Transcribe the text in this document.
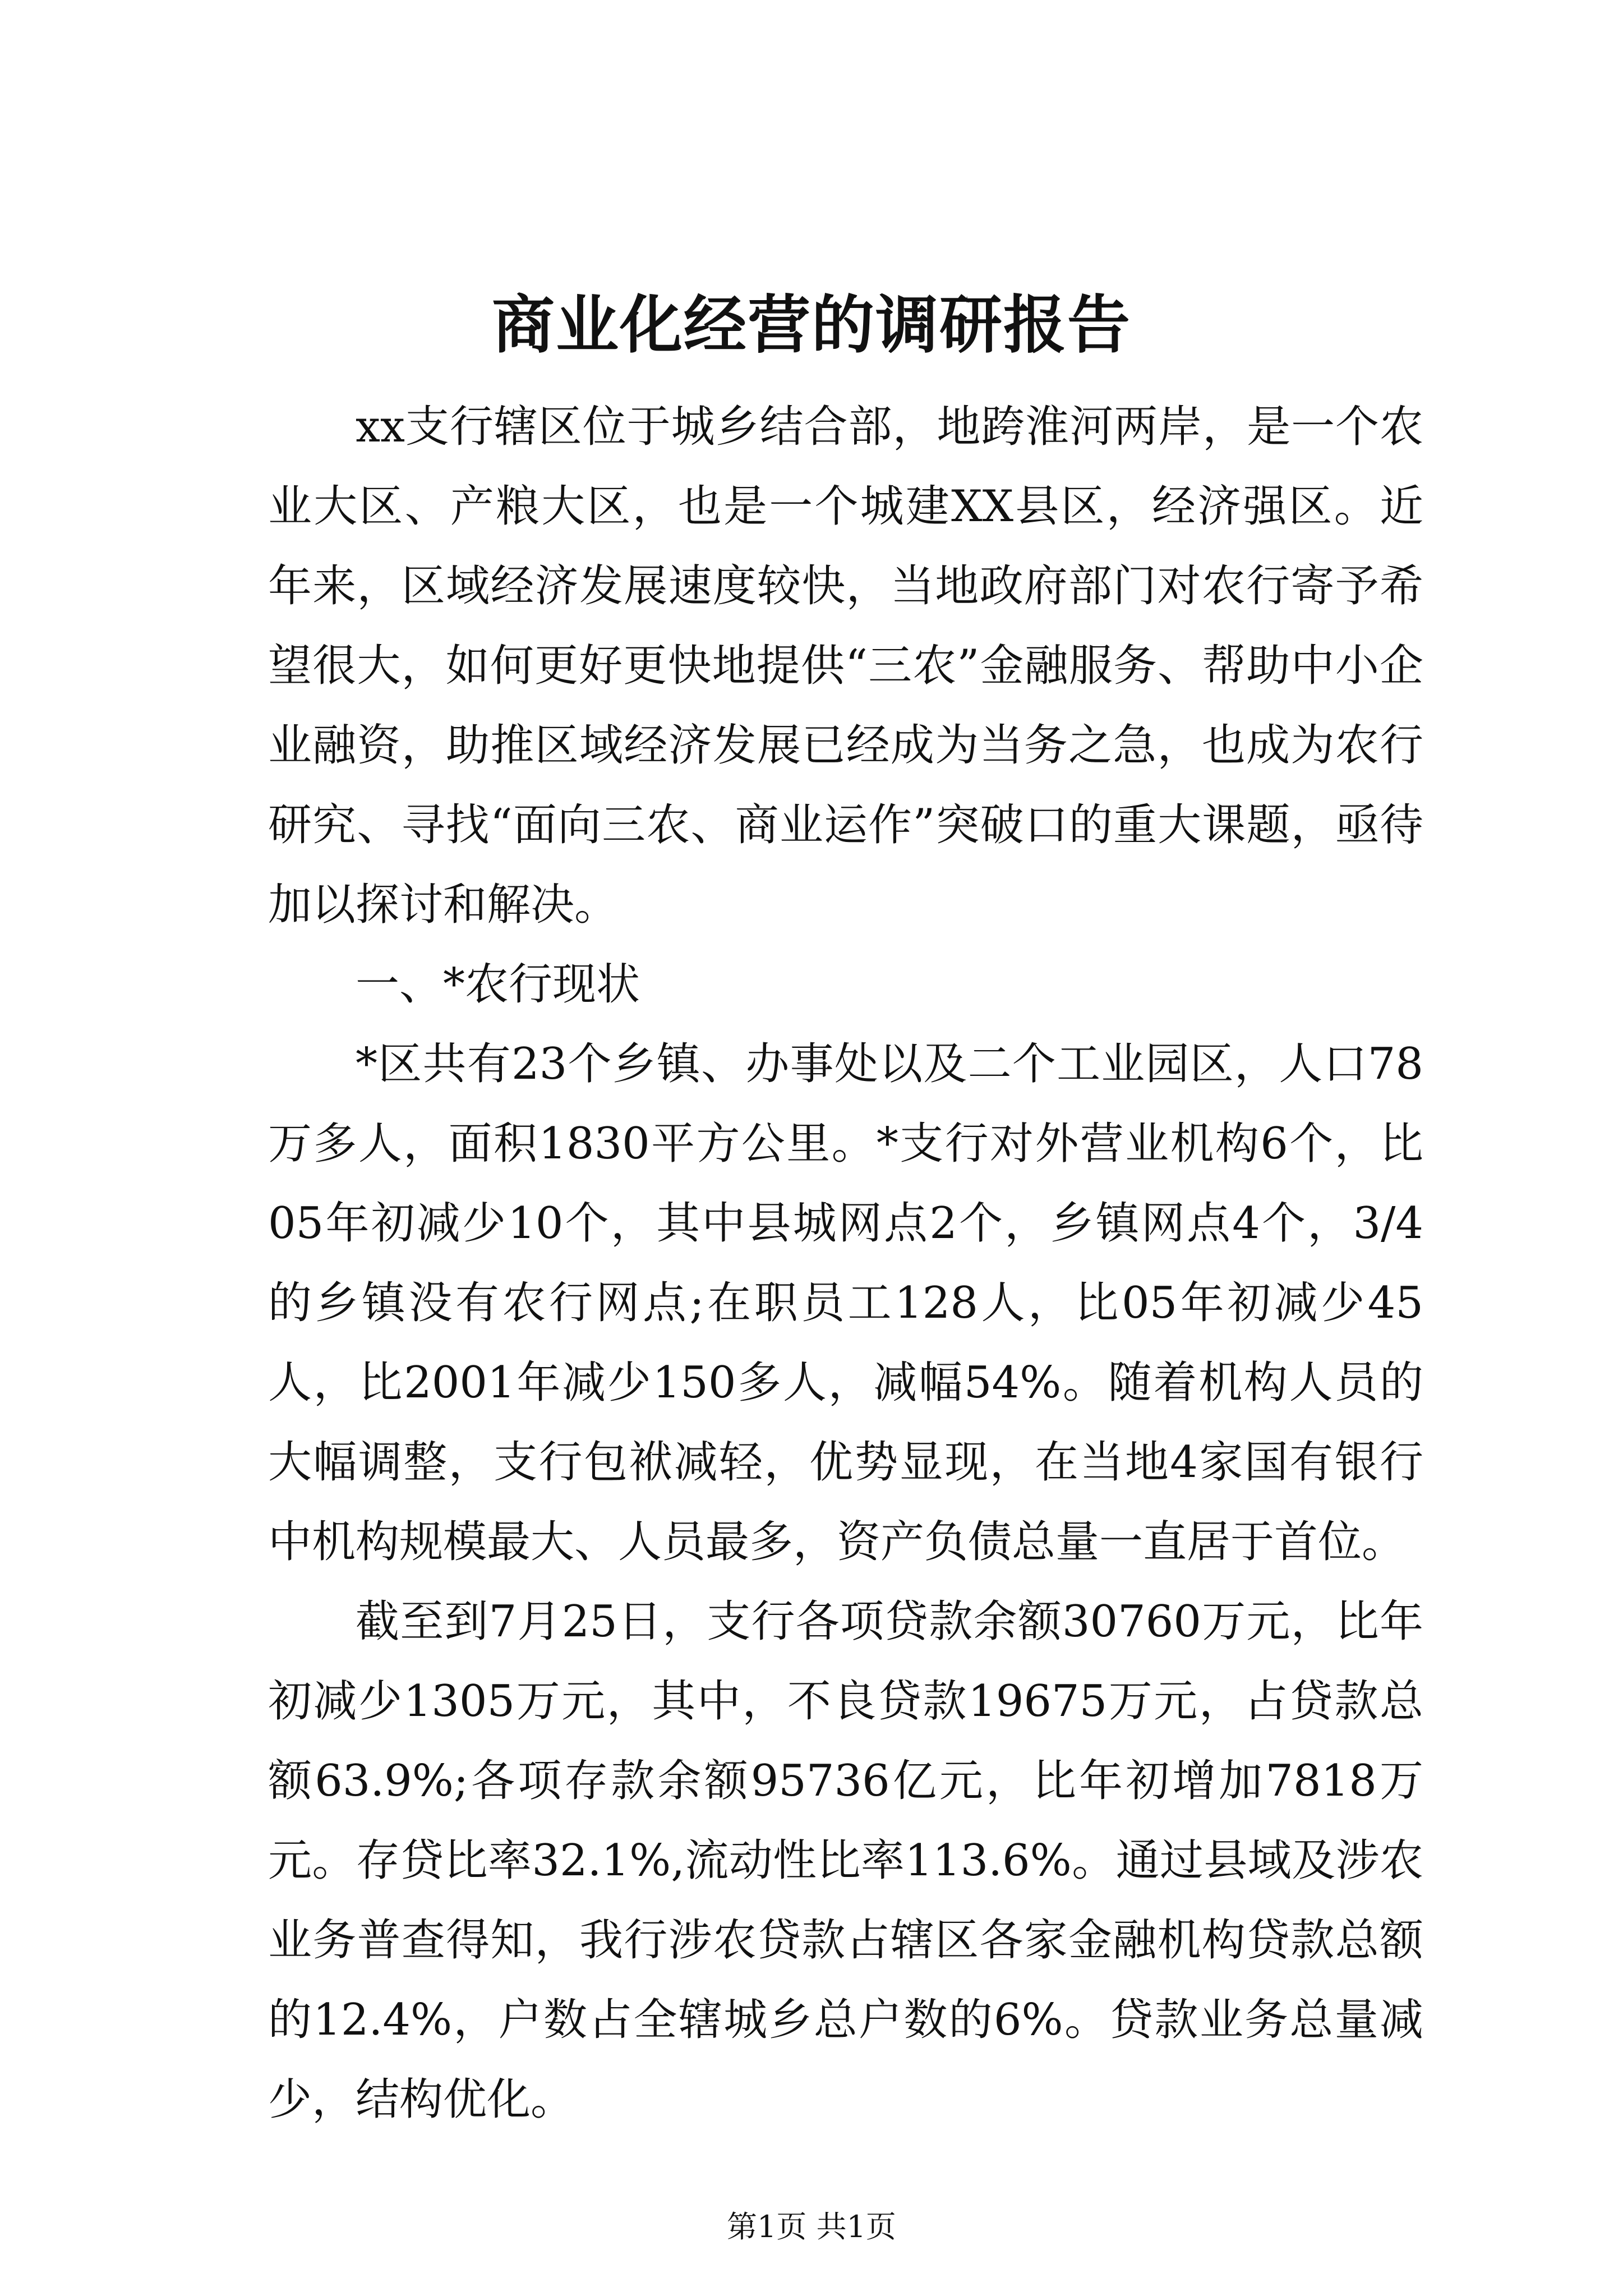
商业化经营的调研报告

xx支行辖区位于城乡结合部，地跨淮河两岸，是一个农业大区、产粮大区，也是一个城建XX县区，经济强区。近年来，区域经济发展速度较快，当地政府部门对农行寄予希望很大，如何更好更快地提供“三农”金融服务、帮助中小企业融资，助推区域经济发展已经成为当务之急，也成为农行研究、寻找“面向三农、商业运作”突破口的重大课题，亟待加以探讨和解决。

一、*农行现状

*区共有23个乡镇、办事处以及二个工业园区，人口78万多人，面积1830平方公里。*支行对外营业机构6个，比05年初减少10个，其中县城网点2个，乡镇网点4个，3/4的乡镇没有农行网点;在职员工128人，比05年初减少45人，比2001年减少150多人，减幅54%。随着机构人员的大幅调整，支行包袱减轻，优势显现，在当地4家国有银行中机构规模最大、人员最多，资产负债总量一直居于首位。

截至到7月25日，支行各项贷款余额30760万元，比年初减少1305万元，其中，不良贷款19675万元，占贷款总额63.9%;各项存款余额95736亿元，比年初增加7818万元。存贷比率32.1%,流动性比率113.6%。通过县域及涉农业务普查得知，我行涉农贷款占辖区各家金融机构贷款总额的12.4%，户数占全辖城乡总户数的6%。贷款业务总量减少，结构优化。

第1页 共1页
